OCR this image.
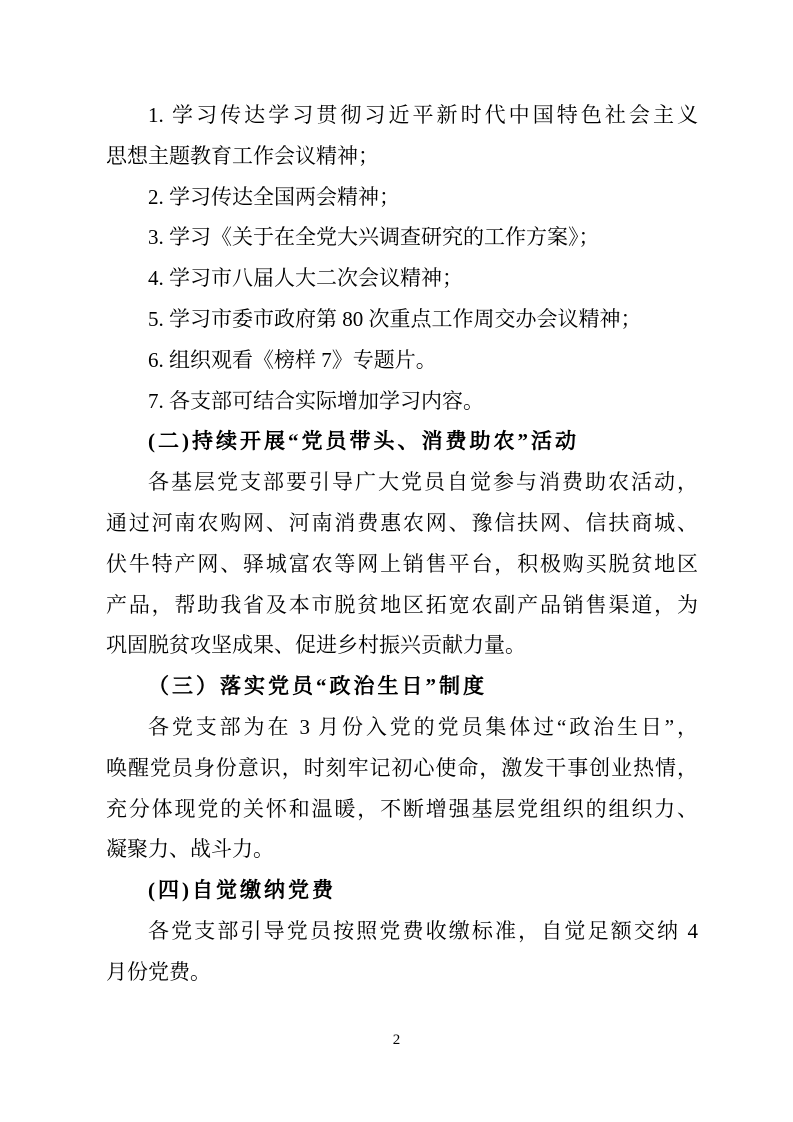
1. 学习传达学习贯彻习近平新时代中国特色社会主义
思想主题教育工作会议精神；
2. 学习传达全国两会精神；
3. 学习《关于在全党大兴调查研究的工作方案》；
4. 学习市八届人大二次会议精神；
5. 学习市委市政府第 80 次重点工作周交办会议精神；
6. 组织观看《榜样 7》专题片。
7. 各支部可结合实际增加学习内容。
(二)持续开展“党员带头、消费助农”活动
各基层党支部要引导广大党员自觉参与消费助农活动，
通过河南农购网、河南消费惠农网、豫信扶网、信扶商城、
伏牛特产网、驿城富农等网上销售平台，积极购买脱贫地区
产品，帮助我省及本市脱贫地区拓宽农副产品销售渠道，为
巩固脱贫攻坚成果、促进乡村振兴贡献力量。
（三）落实党员“政治生日”制度
各党支部为在 3 月份入党的党员集体过“政治生日”，
唤醒党员身份意识，时刻牢记初心使命，激发干事创业热情，
充分体现党的关怀和温暖，不断增强基层党组织的组织力、
凝聚力、战斗力。
(四)自觉缴纳党费
各党支部引导党员按照党费收缴标准，自觉足额交纳 4
月份党费。
2
